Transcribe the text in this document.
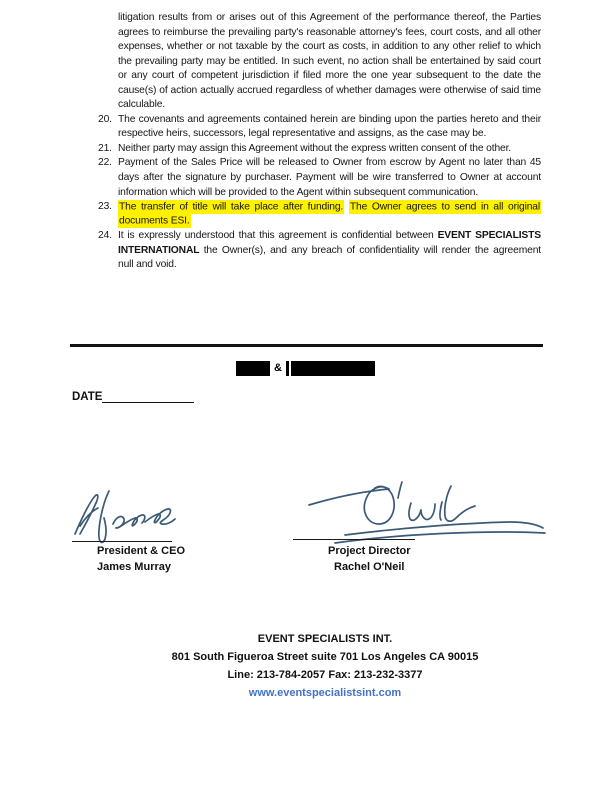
litigation results from or arises out of this Agreement of the performance thereof, the Parties agrees to reimburse the prevailing party's reasonable attorney's fees, court costs, and all other expenses, whether or not taxable by the court as costs, in addition to any other relief to which the prevailing party may be entitled. In such event, no action shall be entertained by said court or any court of competent jurisdiction if filed more the one year subsequent to the date the cause(s) of action actually accrued regardless of whether damages were otherwise of said time calculable.

20. The covenants and agreements contained herein are binding upon the parties hereto and their respective heirs, successors, legal representative and assigns, as the case may be.
21. Neither party may assign this Agreement without the express written consent of the other.
22. Payment of the Sales Price will be released to Owner from escrow by Agent no later than 45 days after the signature by purchaser. Payment will be wire transferred to Owner at account information which will be provided to the Agent within subsequent communication.
23. The transfer of title will take place after funding. The Owner agrees to send in all original documents ESI.
24. It is expressly understood that this agreement is confidential between EVENT SPECIALISTS INTERNATIONAL the Owner(s), and any breach of confidentiality will render the agreement null and void.
&
DATE
President & CEO
James Murray
Project Director
Rachel O'Neil
EVENT SPECIALISTS INT.
801 South Figueroa Street suite 701 Los Angeles CA 90015
Line: 213-784-2057 Fax: 213-232-3377
www.eventspecialistsint.com
